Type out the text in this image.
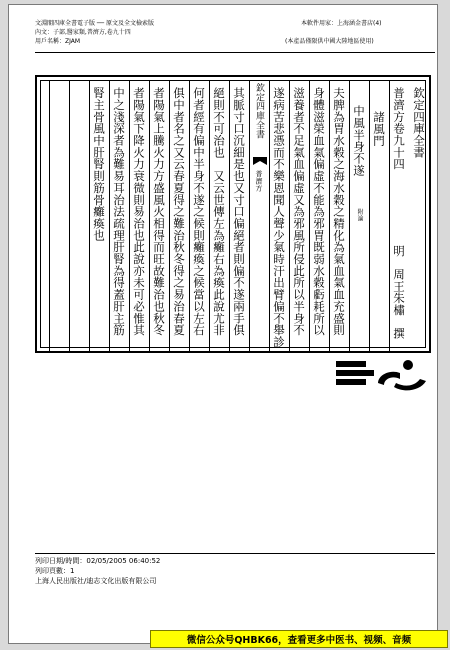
文淵閣四庫全書電子版 ── 原文及全文檢索版
內文：子部,醫家類,普濟方,卷九十四
用戶名稱：ZJAM
本軟件用家：上海涵金書店(4)
(本產品僅限供中國大陸地區使用)
欽定四庫全書
普濟方卷九十四  明　周王朱橚　撰
諸風門
中風半身不遂  附論
夫脾為胃水穀之海水穀之精化為氣血氣血充盛則
身體滋榮血氣偏虛不能為邪胃既弱水穀虧耗所以
滋養者不足氣血偏虛又為邪風所侵此所以半身不
遂病苦悲憑而不樂恩聞人聲少氣時汗出臂偏不舉診
欽定四庫全書  普濟方
其脈寸口沉細是也又寸口偏絕者則偏不遂兩手俱
絕則不可治也　又云世傳左為癱右為瘓此說尤非
何者經有偏中半身不遂之候則癱瘓之候當以左右
俱中者名之又云春夏得之難治秋冬得之易治春夏
者陽氣上騰火力方盛風火相得而旺故難治也秋冬
者陽氣下降火力衰微則易治也此說亦未可必惟其
中之淺深者為難易耳治法疏理肝腎為得蓋肝主筋
腎主骨風中肝腎則筋骨癱瘓也
列印日期/時間：02/05/2005 06:40:52
列印頁數：1
上海人民出版社/迪志文化出版有限公司
微信公众号QHBK66，查看更多中医书、视频、音频
